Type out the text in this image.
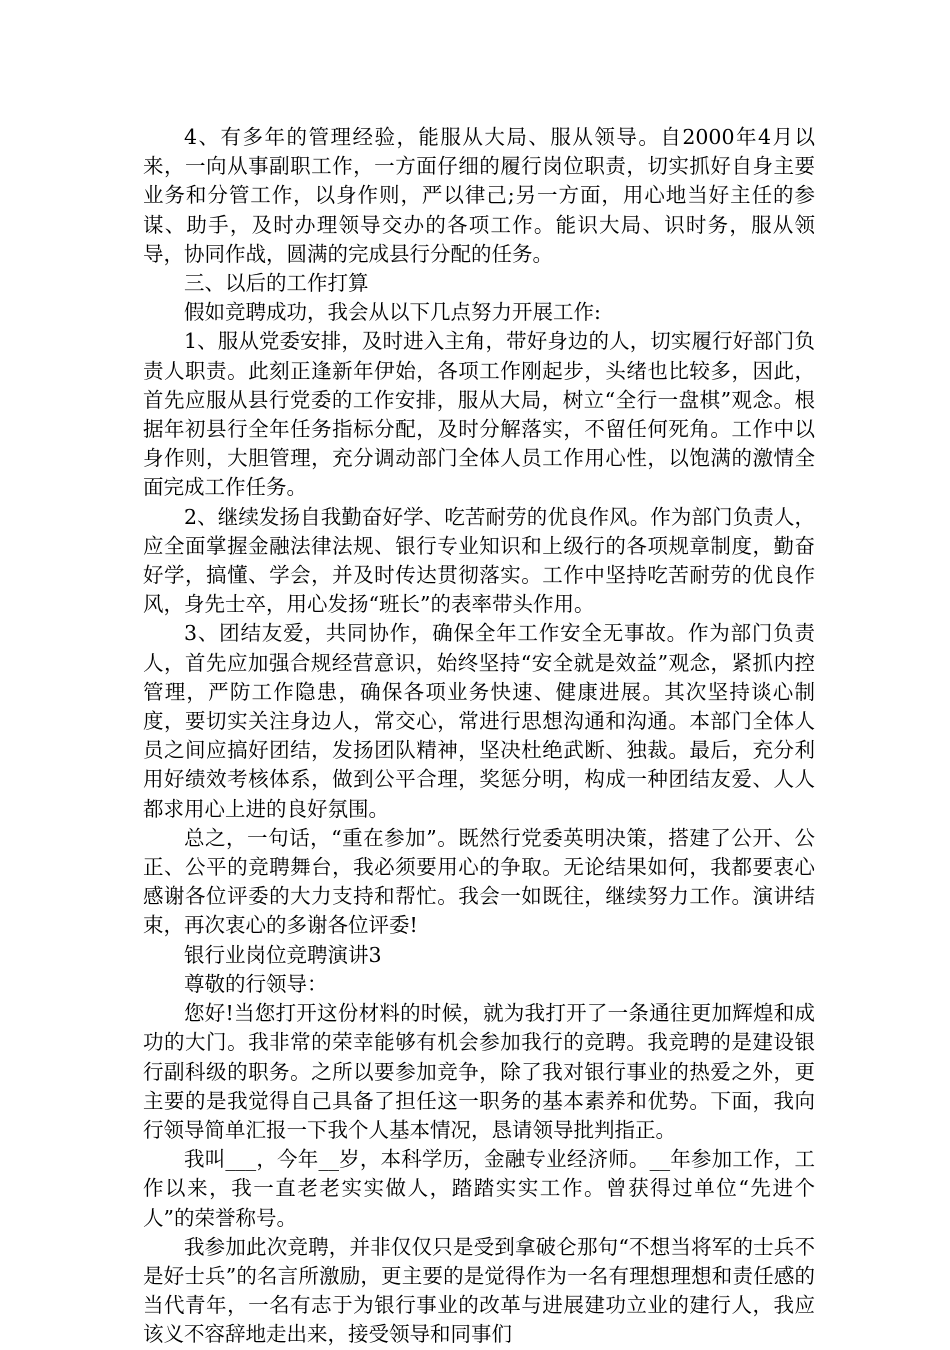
4、有多年的管理经验，能服从大局、服从领导。自2000年4月以来，一向从事副职工作，一方面仔细的履行岗位职责，切实抓好自身主要业务和分管工作，以身作则，严以律己;另一方面，用心地当好主任的参谋、助手，及时办理领导交办的各项工作。能识大局、识时务，服从领导，协同作战，圆满的完成县行分配的任务。

三、以后的工作打算

假如竞聘成功，我会从以下几点努力开展工作:

1、服从党委安排，及时进入主角，带好身边的人，切实履行好部门负责人职责。此刻正逢新年伊始，各项工作刚起步，头绪也比较多，因此，首先应服从县行党委的工作安排，服从大局，树立“全行一盘棋”观念。根据年初县行全年任务指标分配，及时分解落实，不留任何死角。工作中以身作则，大胆管理，充分调动部门全体人员工作用心性，以饱满的激情全面完成工作任务。

2、继续发扬自我勤奋好学、吃苦耐劳的优良作风。作为部门负责人，应全面掌握金融法律法规、银行专业知识和上级行的各项规章制度，勤奋好学，搞懂、学会，并及时传达贯彻落实。工作中坚持吃苦耐劳的优良作风，身先士卒，用心发扬“班长”的表率带头作用。

3、团结友爱，共同协作，确保全年工作安全无事故。作为部门负责人，首先应加强合规经营意识，始终坚持“安全就是效益”观念，紧抓内控管理，严防工作隐患，确保各项业务快速、健康进展。其次坚持谈心制度，要切实关注身边人，常交心，常进行思想沟通和沟通。本部门全体人员之间应搞好团结，发扬团队精神，坚决杜绝武断、独裁。最后，充分利用好绩效考核体系，做到公平合理，奖惩分明，构成一种团结友爱、人人都求用心上进的良好氛围。

总之，一句话，“重在参加”。既然行党委英明决策，搭建了公开、公正、公平的竞聘舞台，我必须要用心的争取。无论结果如何，我都要衷心感谢各位评委的大力支持和帮忙。我会一如既往，继续努力工作。演讲结束，再次衷心的多谢各位评委!

银行业岗位竞聘演讲3

尊敬的行领导：

您好!当您打开这份材料的时候，就为我打开了一条通往更加辉煌和成功的大门。我非常的荣幸能够有机会参加我行的竞聘。我竞聘的是建设银行副科级的职务。之所以要参加竞争，除了我对银行事业的热爱之外，更主要的是我觉得自己具备了担任这一职务的基本素养和优势。下面，我向行领导简单汇报一下我个人基本情况，恳请领导批判指正。

我叫___，今年__岁，本科学历，金融专业经济师。__年参加工作，工作以来，我一直老老实实做人，踏踏实实工作。曾获得过单位“先进个人”的荣誉称号。

我参加此次竞聘，并非仅仅只是受到拿破仑那句“不想当将军的士兵不是好士兵”的名言所激励，更主要的是觉得作为一名有理想理想和责任感的当代青年，一名有志于为银行事业的改革与进展建功立业的建行人，我应该义不容辞地走出来，接受领导和同事们
